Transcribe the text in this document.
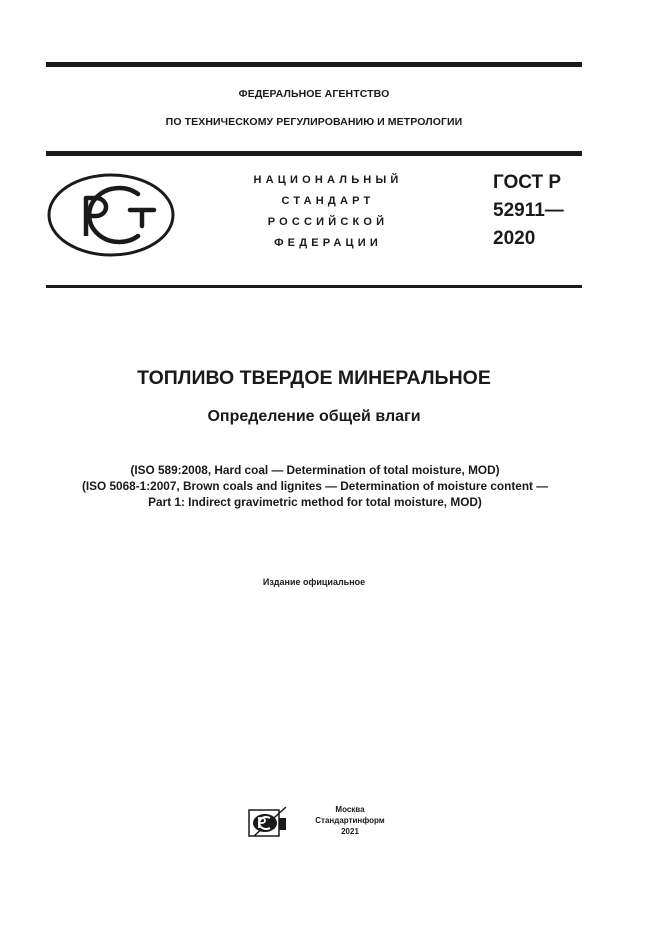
ФЕДЕРАЛЬНОЕ АГЕНТСТВО
ПО ТЕХНИЧЕСКОМУ РЕГУЛИРОВАНИЮ И МЕТРОЛОГИИ
НАЦИОНАЛЬНЫЙ
СТАНДАРТ
РОССИЙСКОЙ
ФЕДЕРАЦИИ
ГОСТ Р
52911—
2020
ТОПЛИВО ТВЕРДОЕ МИНЕРАЛЬНОЕ
Определение общей влаги
(ISO 589:2008, Hard coal — Determination of total moisture, MOD)
(ISO 5068-1:2007, Brown coals and lignites — Determination of moisture content —
Part 1: Indirect gravimetric method for total moisture, MOD)
Издание официальное
Москва
Стандартинформ
2021
